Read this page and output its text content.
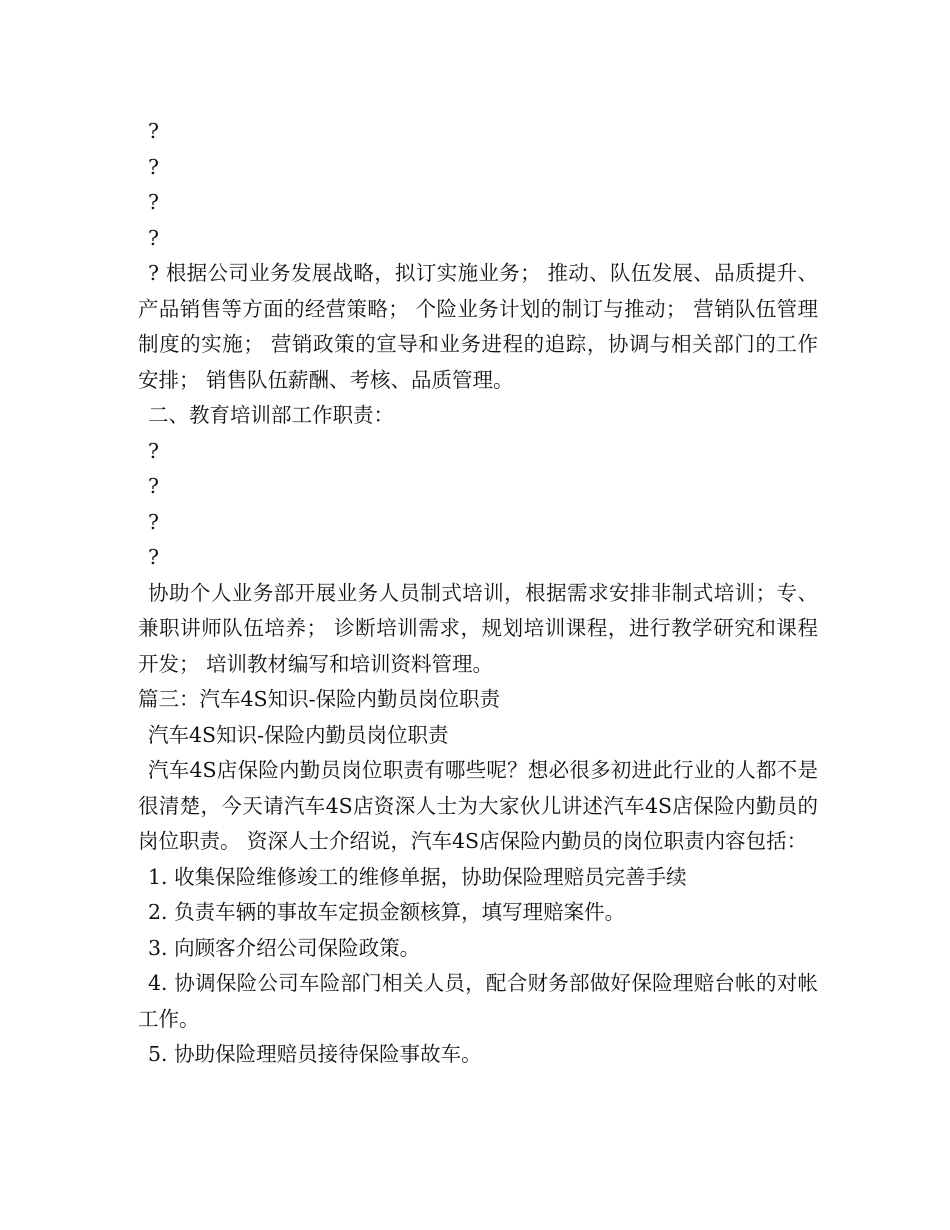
?
?
?
?

? 根据公司业务发展战略，拟订实施业务； 推动、队伍发展、品质提升、产品销售等方面的经营策略； 个险业务计划的制订与推动； 营销队伍管理制度的实施； 营销政策的宣导和业务进程的追踪，协调与相关部门的工作安排； 销售队伍薪酬、考核、品质管理。

二、教育培训部工作职责：
?
?
?
?

协助个人业务部开展业务人员制式培训，根据需求安排非制式培训；专、兼职讲师队伍培养； 诊断培训需求，规划培训课程，进行教学研究和课程开发； 培训教材编写和培训资料管理。

篇三：汽车4S知识-保险内勤员岗位职责
汽车4S知识-保险内勤员岗位职责

汽车4S店保险内勤员岗位职责有哪些呢？想必很多初进此行业的人都不是很清楚，今天请汽车4S店资深人士为大家伙儿讲述汽车4S店保险内勤员的岗位职责。 资深人士介绍说，汽车4S店保险内勤员的岗位职责内容包括：

1. 收集保险维修竣工的维修单据，协助保险理赔员完善手续
2. 负责车辆的事故车定损金额核算，填写理赔案件。
3. 向顾客介绍公司保险政策。

4. 协调保险公司车险部门相关人员，配合财务部做好保险理赔台帐的对帐工作。

5. 协助保险理赔员接待保险事故车。
